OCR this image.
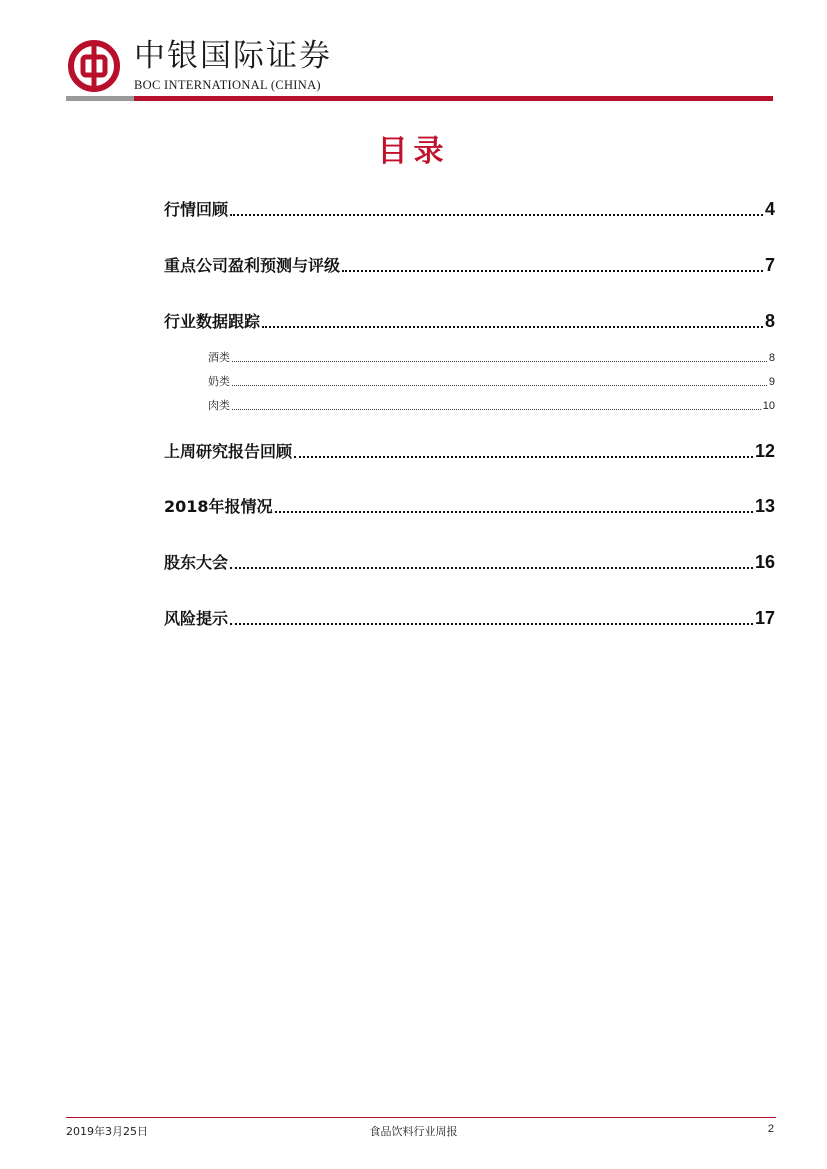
中银国际证券
BOC INTERNATIONAL (CHINA)
目录
行情回顾	4
重点公司盈利预测与评级	7
行业数据跟踪	8
酒类	8
奶类	9
肉类	10
上周研究报告回顾	12
2018年报情况	13
股东大会	16
风险提示	17
2019年3月25日	食品饮料行业周报	2
